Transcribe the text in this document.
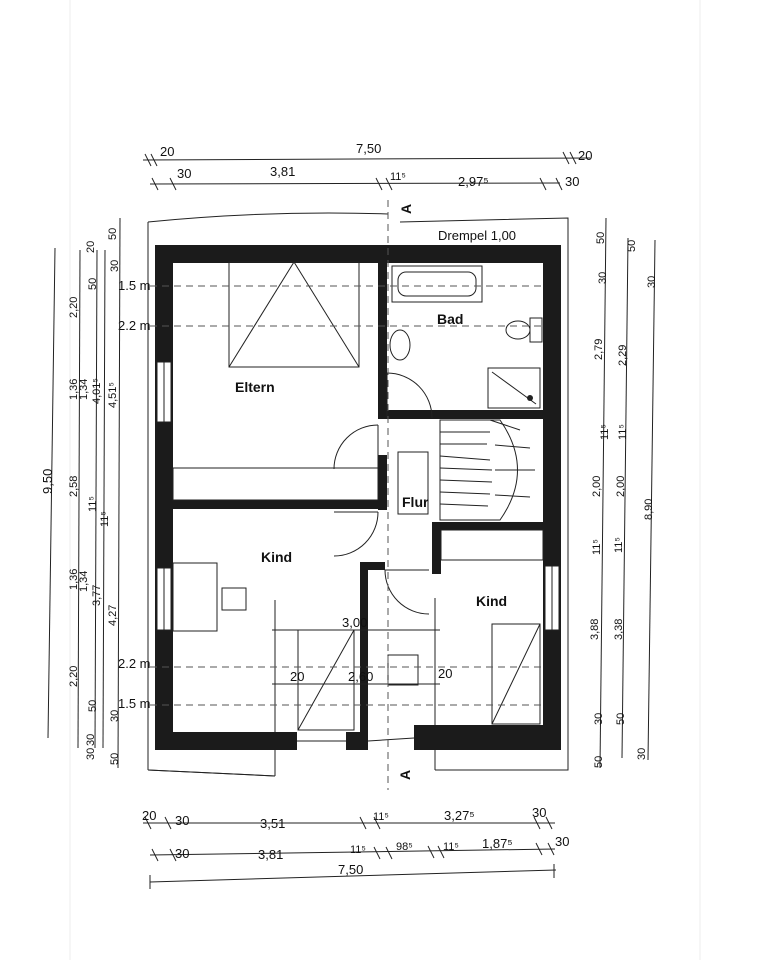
20	7,50	20
30	3,81	11⁵	2,97⁵	30
Drempel 1,00
1.5 m
2.2 m
2.2 m
1.5 m
3,00
2,60
20	20
A
A
Eltern
Bad
Flur
Kind
Kind
9,50
20
2,20
1,36
2,58
1,36
2,20
30
50
1,34
11⁵
1,34
50
30
30
4,01⁵
3,77
30
50
4,51⁵
11⁵
4,27
50
50
2,79
11⁵
2,00
11⁵
3,88
50
30
50
2,29
11⁵
2,00
11⁵
3,38
50
30
30
8,90
30
20 30	3,51	11⁵	3,27⁵	30
30	3,81	11⁵	98⁵	11⁵ 1,87⁵	30
7,50
